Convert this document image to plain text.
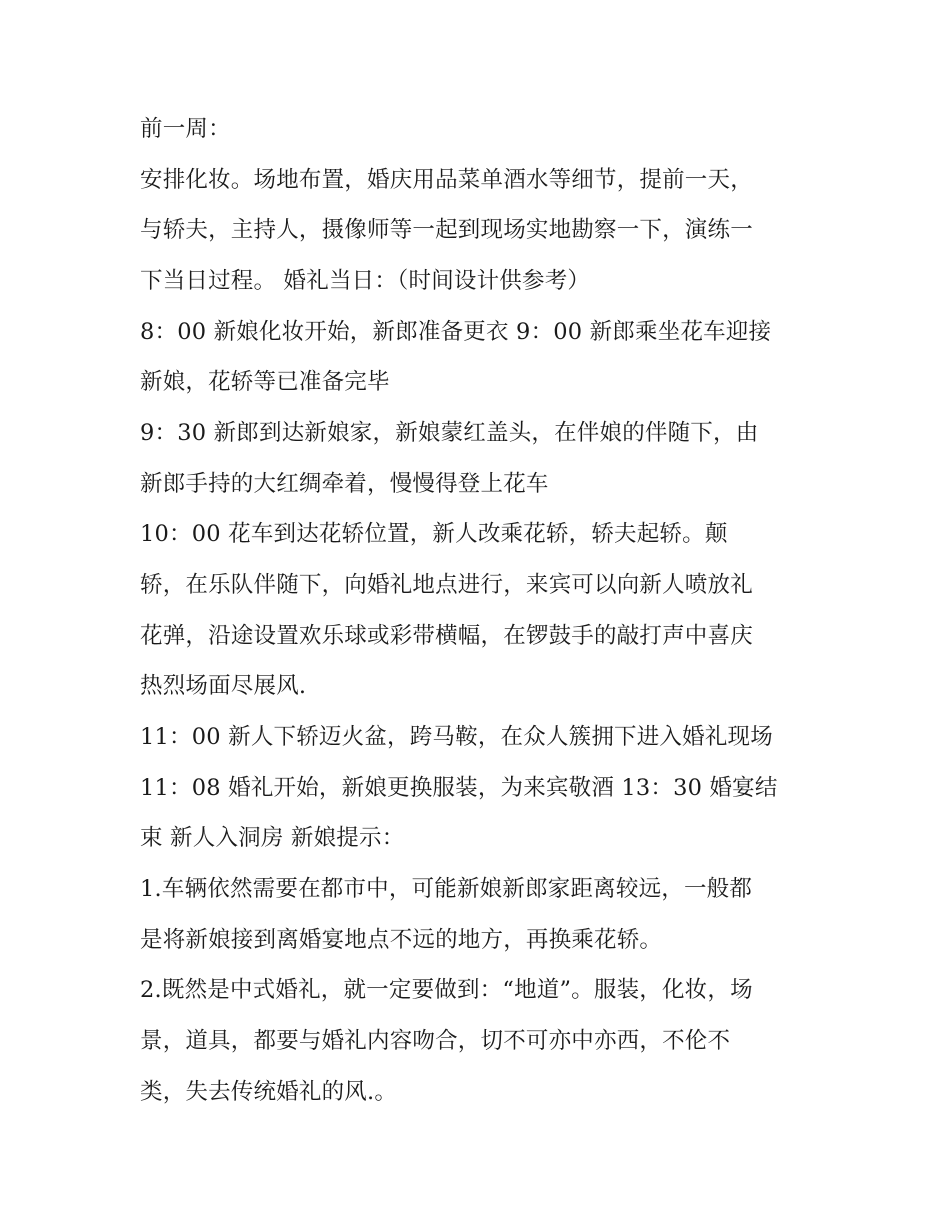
前一周：

安排化妆。场地布置，婚庆用品菜单酒水等细节，提前一天，

与轿夫，主持人，摄像师等一起到现场实地勘察一下，演练一

下当日过程。 婚礼当日：（时间设计供参考）

8：00 新娘化妆开始，新郎准备更衣 9：00 新郎乘坐花车迎接

新娘，花轿等已准备完毕

9：30 新郎到达新娘家，新娘蒙红盖头，在伴娘的伴随下，由

新郎手持的大红绸牵着，慢慢得登上花车

10：00 花车到达花轿位置，新人改乘花轿，轿夫起轿。颠

轿，在乐队伴随下，向婚礼地点进行，来宾可以向新人喷放礼

花弹，沿途设置欢乐球或彩带横幅，在锣鼓手的敲打声中喜庆

热烈场面尽展风.

11：00 新人下轿迈火盆，跨马鞍，在众人簇拥下进入婚礼现场

11：08 婚礼开始，新娘更换服装，为来宾敬酒 13：30 婚宴结

束 新人入洞房 新娘提示：

1.车辆依然需要在都市中，可能新娘新郎家距离较远，一般都

是将新娘接到离婚宴地点不远的地方，再换乘花轿。

2.既然是中式婚礼，就一定要做到：“地道”。服装，化妆，场

景，道具，都要与婚礼内容吻合，切不可亦中亦西，不伦不

类，失去传统婚礼的风.。
